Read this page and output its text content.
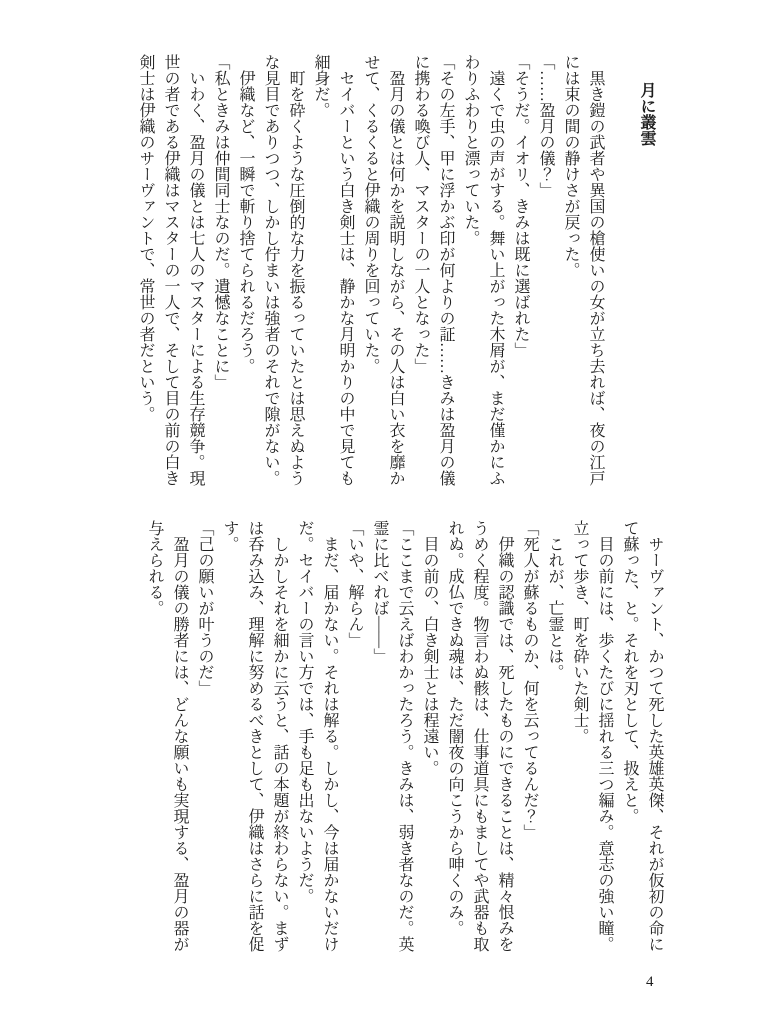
月に叢雲

　黒き鎧の武者や異国の槍使いの女が立ち去れば、夜の江戸には束の間の静けさが戻った。

「……盈月の儀？」

「そうだ。イオリ、きみは既に選ばれた」

　遠くで虫の声がする。舞い上がった木屑が、まだ僅かにふわりふわりと漂っていた。

「その左手、甲に浮かぶ印が何よりの証……きみは盈月の儀に携わる喚び人、マスターの一人となった」

　盈月の儀とは何かを説明しながら、その人は白い衣を靡かせて、くるくると伊織の周りを回っていた。

　セイバーという白き剣士は、静かな月明かりの中で見ても細身だ。

　町を砕くような圧倒的な力を振るっていたとは思えぬような見目でありつつ、しかし佇まいは強者のそれで隙がない。

　伊織など、一瞬で斬り捨てられるだろう。

「私ときみは仲間同士なのだ。遺憾なことに」

　いわく、盈月の儀とは七人のマスターによる生存競争。現世の者である伊織はマスターの一人で、そして目の前の白き剣士は伊織のサーヴァントで、常世の者だという。

　サーヴァント、かつて死した英雄英傑、それが仮初の命にて蘇った、と。それを刃として、扱えと。

　目の前には、歩くたびに揺れる三つ編み。意志の強い瞳。立って歩き、町を砕いた剣士。

　これが、亡霊とは。

「死人が蘇るものか、何を云ってるんだ？」

　伊織の認識では、死したものにできることは、精々恨みをうめく程度。物言わぬ骸は、仕事道具にもましてや武器も取れぬ。成仏できぬ魂は、ただ闇夜の向こうから呻くのみ。

　目の前の、白き剣士とは程遠い。

「ここまで云えばわかったろう。きみは、弱き者なのだ。英霊に比べれば——」

「いや、解らん」

　まだ、届かない。それは解る。しかし、今は届かないだけだ。セイバーの言い方では、手も足も出ないようだ。

　しかしそれを細かに云うと、話の本題が終わらない。まずは呑み込み、理解に努めるべきとして、伊織はさらに話を促す。

「己の願いが叶うのだ」

　盈月の儀の勝者には、どんな願いも実現する、盈月の器が与えられる。

4
